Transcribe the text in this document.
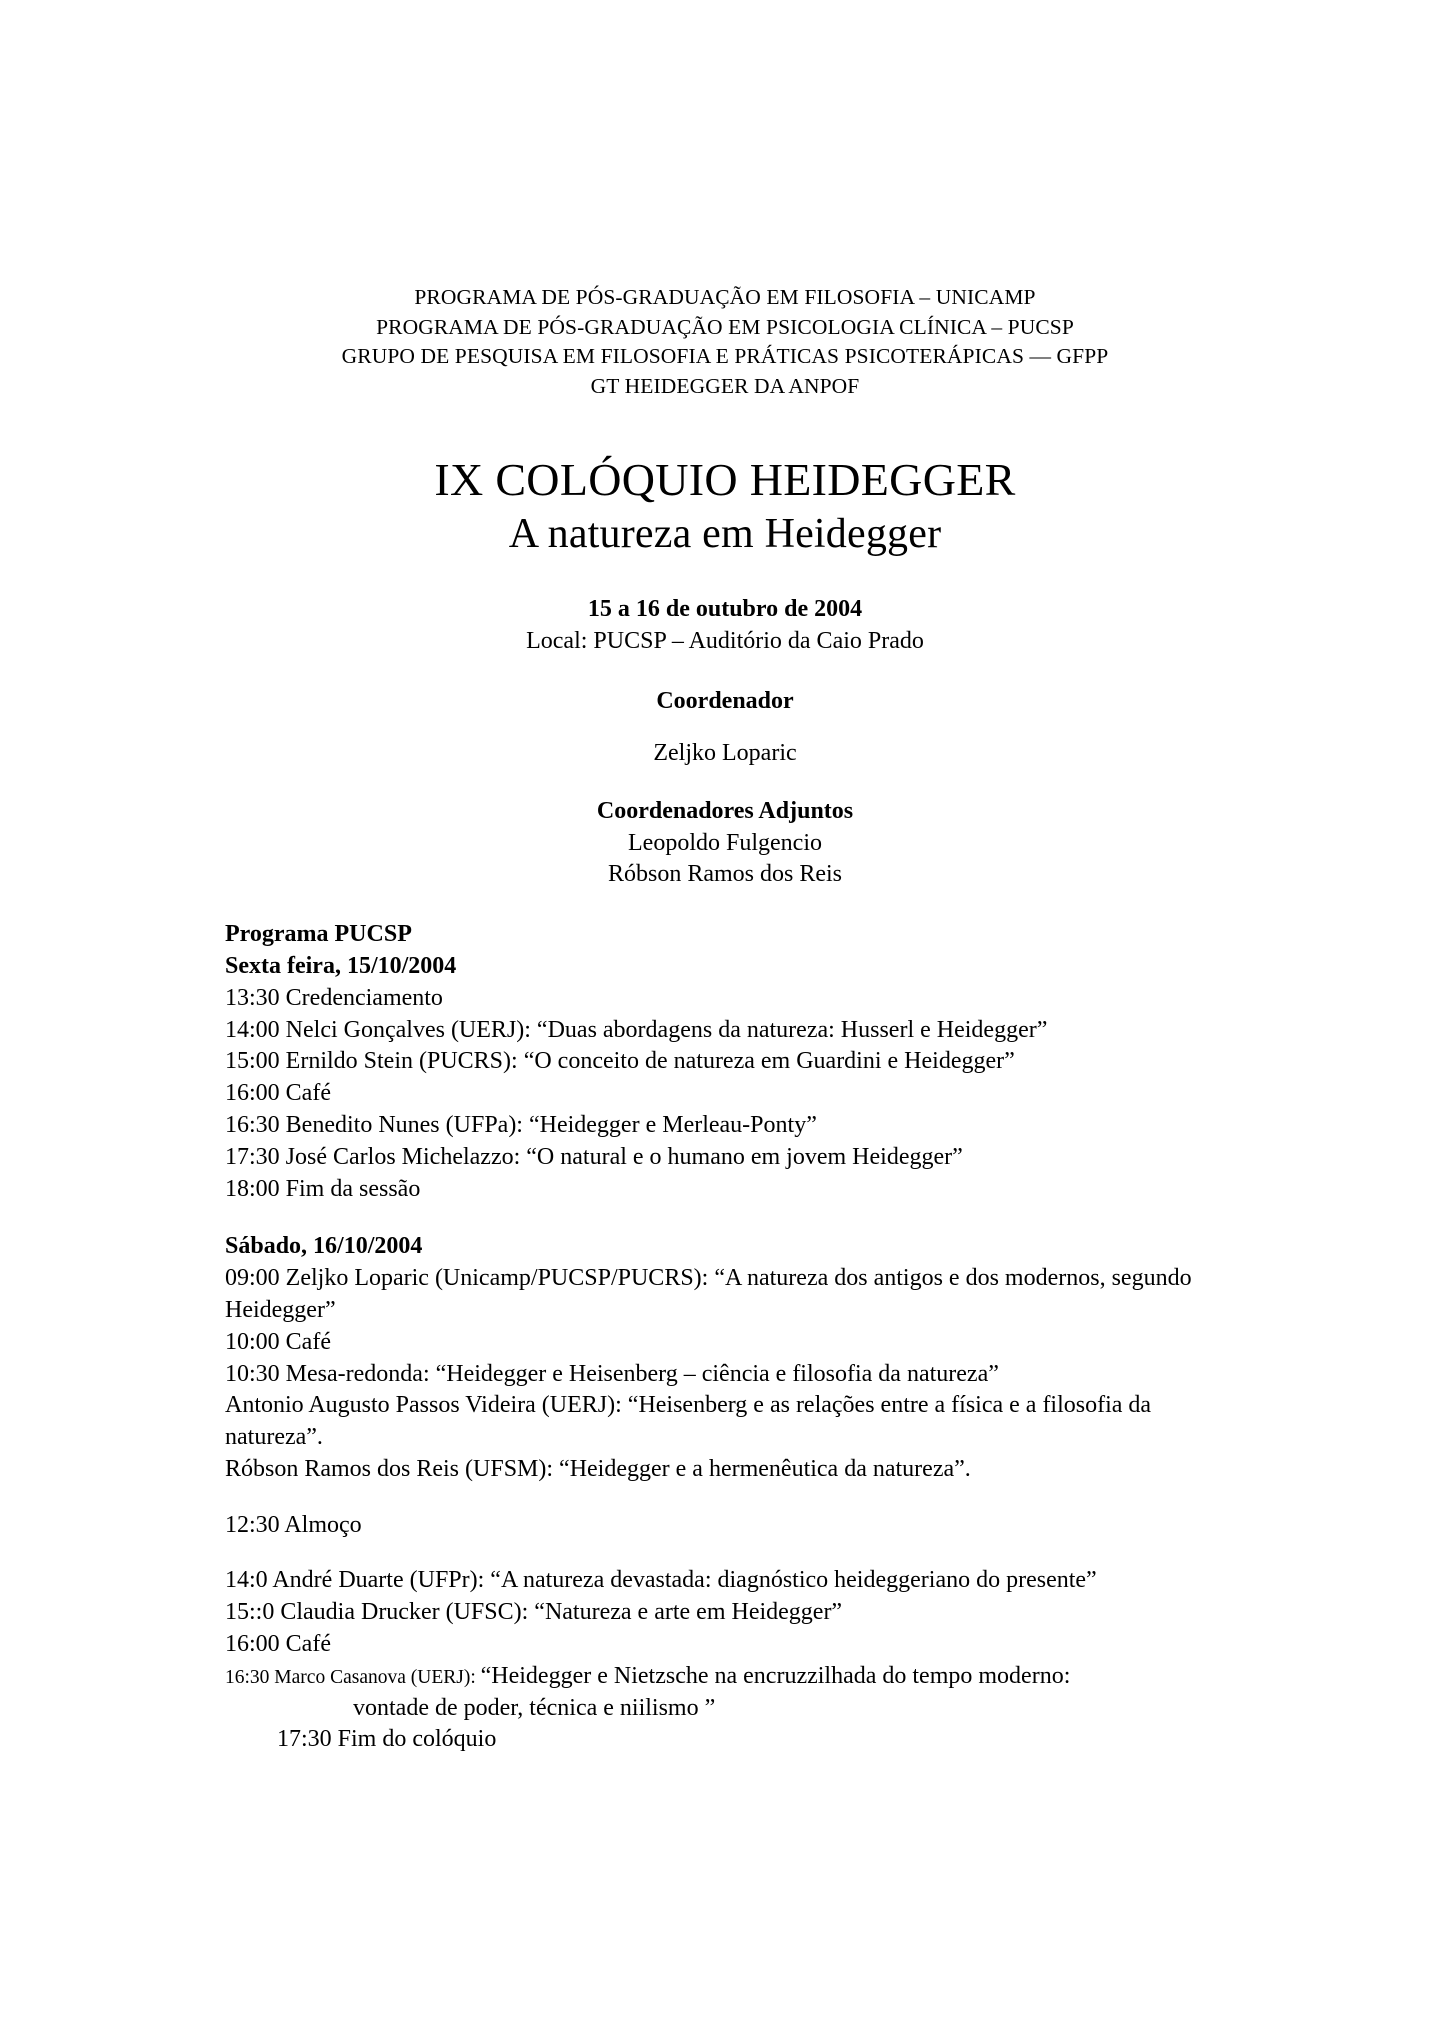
PROGRAMA DE PÓS-GRADUAÇÃO EM FILOSOFIA – UNICAMP
PROGRAMA DE PÓS-GRADUAÇÃO EM PSICOLOGIA CLÍNICA – PUCSP
GRUPO DE PESQUISA EM FILOSOFIA E PRÁTICAS PSICOTERÁPICAS — GFPP
GT HEIDEGGER DA ANPOF
IX COLÓQUIO HEIDEGGER
A natureza em Heidegger
15 a 16 de outubro de 2004
Local: PUCSP – Auditório da Caio Prado
Coordenador
Zeljko Loparic
Coordenadores Adjuntos
Leopoldo Fulgencio
Róbson Ramos dos Reis
Programa PUCSP
Sexta feira, 15/10/2004
13:30 Credenciamento
14:00 Nelci Gonçalves (UERJ): “Duas abordagens da natureza: Husserl e Heidegger”
15:00 Ernildo Stein (PUCRS): “O conceito de natureza em Guardini e Heidegger”
16:00 Café
16:30 Benedito Nunes (UFPa): “Heidegger e Merleau-Ponty”
17:30 José Carlos Michelazzo: “O natural e o humano em jovem Heidegger”
18:00 Fim da sessão
Sábado, 16/10/2004
09:00 Zeljko Loparic (Unicamp/PUCSP/PUCRS): “A natureza dos antigos e dos modernos, segundo Heidegger”
10:00 Café
10:30 Mesa-redonda: “Heidegger e Heisenberg – ciência e filosofia da natureza”
Antonio Augusto Passos Videira (UERJ): “Heisenberg e as relações entre a física e a filosofia da natureza”.
Róbson Ramos dos Reis (UFSM): “Heidegger e a hermenêutica da natureza”.
12:30 Almoço
14:0 André Duarte (UFPr): “A natureza devastada: diagnóstico heideggeriano do presente”
15::0 Claudia Drucker (UFSC): “Natureza e arte em Heidegger”
16:00 Café
16:30 Marco Casanova (UERJ): “Heidegger e Nietzsche na encruzzilhada do tempo moderno:
vontade de poder, técnica e niilismo ”
17:30 Fim do colóquio
